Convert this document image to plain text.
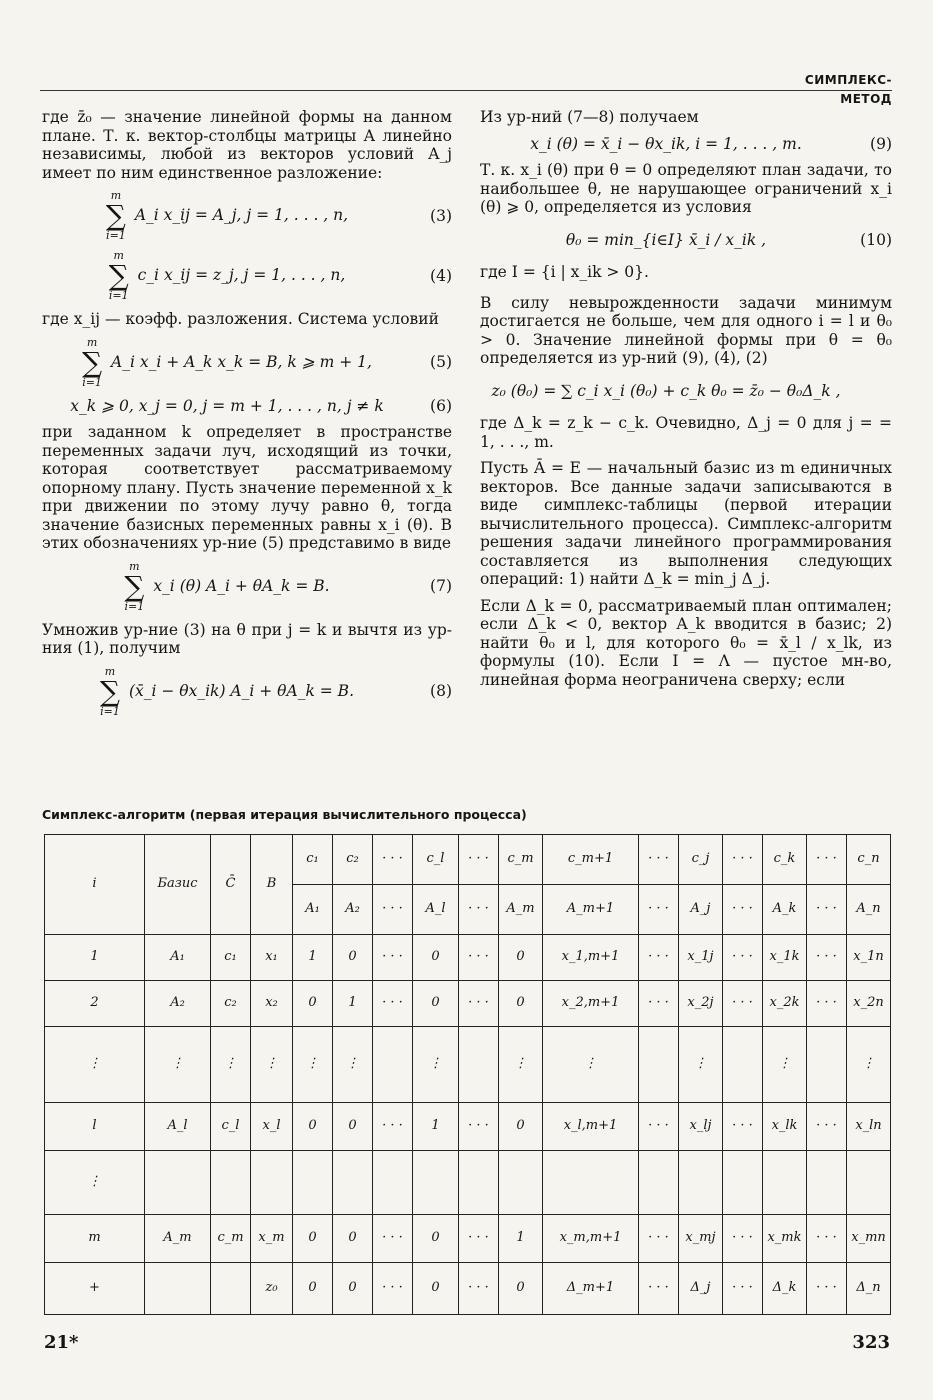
СИМПЛЕКС-МЕТОД

где z̄₀ — значение линейной формы на данном плане. Т. к. вектор-столбцы матрицы A линейно независимы, любой из векторов условий A_j имеет по ним единственное разложение:

m
∑
i=1
A_i x_ij = A_j, j = 1, . . . , n,	(3)
m
∑
i=1
c_i x_ij = z_j, j = 1, . . . , n,	(4)

где x_ij — коэфф. разложения. Система условий

m
∑
i=1
A_i x_i + A_k x_k = B, k ⩾ m + 1,	(5)
x_k ⩾ 0, x_j = 0, j = m + 1, . . . , n, j ≠ k	(6)

при заданном k определяет в пространстве переменных задачи луч, исходящий из точки, которая соответствует рассматриваемому опорному плану. Пусть значение переменной x_k при движении по этому лучу равно θ, тогда значение базисных переменных равны x_i (θ). В этих обозначениях ур-ние (5) представимо в виде

m
∑
i=1
x_i (θ) A_i + θA_k = B.	(7)

Умножив ур-ние (3) на θ при j = k и вычтя из ур-ния (1), получим

m
∑
i=1
(x̄_i − θx_ik) A_i + θA_k = B.	(8)

Из ур-ний (7—8) получаем

x_i (θ) = x̄_i − θx_ik, i = 1, . . . , m.	(9)

Т. к. x_i (θ) при θ = 0 определяют план задачи, то наибольшее θ, не нарушающее ограничений x_i (θ) ⩾ 0, определяется из условия

θ₀ = min_{i∈I} x̄_i / x_ik ,	(10)

где I = {i | x_ik > 0}.

В силу невырожденности задачи минимум достигается не больше, чем для одного i = l и θ₀ > 0. Значение линейной формы при θ = θ₀ определяется из ур-ний (9), (4), (2)

z₀ (θ₀) = ∑ c_i x_i (θ₀) + c_k θ₀ = z̄₀ − θ₀Δ_k ,

где Δ_k = z_k − c_k. Очевидно, Δ_j = 0 для j = = 1, . . ., m.

Пусть Ā = E — начальный базис из m единичных векторов. Все данные задачи записываются в виде симплекс-таблицы (первой итерации вычислительного процесса). Симплекс-алгоритм решения задачи линейного программирования составляется из выполнения следующих операций: 1) найти Δ_k = min_j Δ_j.

Если Δ_k = 0, рассматриваемый план оптимален; если Δ_k < 0, вектор A_k вводится в базис; 2) найти θ₀ и l, для которого θ₀ = x̄_l / x_lk, из формулы (10). Если I = Λ — пустое мн-во, линейная форма неограничена сверху; если

Симплекс-алгоритм (первая итерация вычислительного процесса)
i	Базис	C̄	B	c₁	c₂	· · ·	c_l	· · ·	c_m	c_m+1	· · ·	c_j	· · ·	c_k	· · ·	c_n
				A₁	A₂	· · ·	A_l	· · ·	A_m	A_m+1	· · ·	A_j	· · ·	A_k	· · ·	A_n
1	A₁	c₁	x₁	1	0	· · ·	0	· · ·	0	x_1,m+1	· · ·	x_1j	· · ·	x_1k	· · ·	x_1n
2	A₂	c₂	x₂	0	1	· · ·	0	· · ·	0	x_2,m+1	· · ·	x_2j	· · ·	x_2k	· · ·	x_2n
⋮	⋮	⋮	⋮	⋮	⋮		⋮		⋮	⋮		⋮		⋮		⋮
l	A_l	c_l	x_l	0	0	· · ·	1	· · ·	0	x_l,m+1	· · ·	x_lj	· · ·	x_lk	· · ·	x_ln
⋮																
m	A_m	c_m	x_m	0	0	· · ·	0	· · ·	1	x_m,m+1	· · ·	x_mj	· · ·	x_mk	· · ·	x_mn
+			z₀	0	0	· · ·	0	· · ·	0	Δ_m+1	· · ·	Δ_j	· · ·	Δ_k	· · ·	Δ_n
21*	323
